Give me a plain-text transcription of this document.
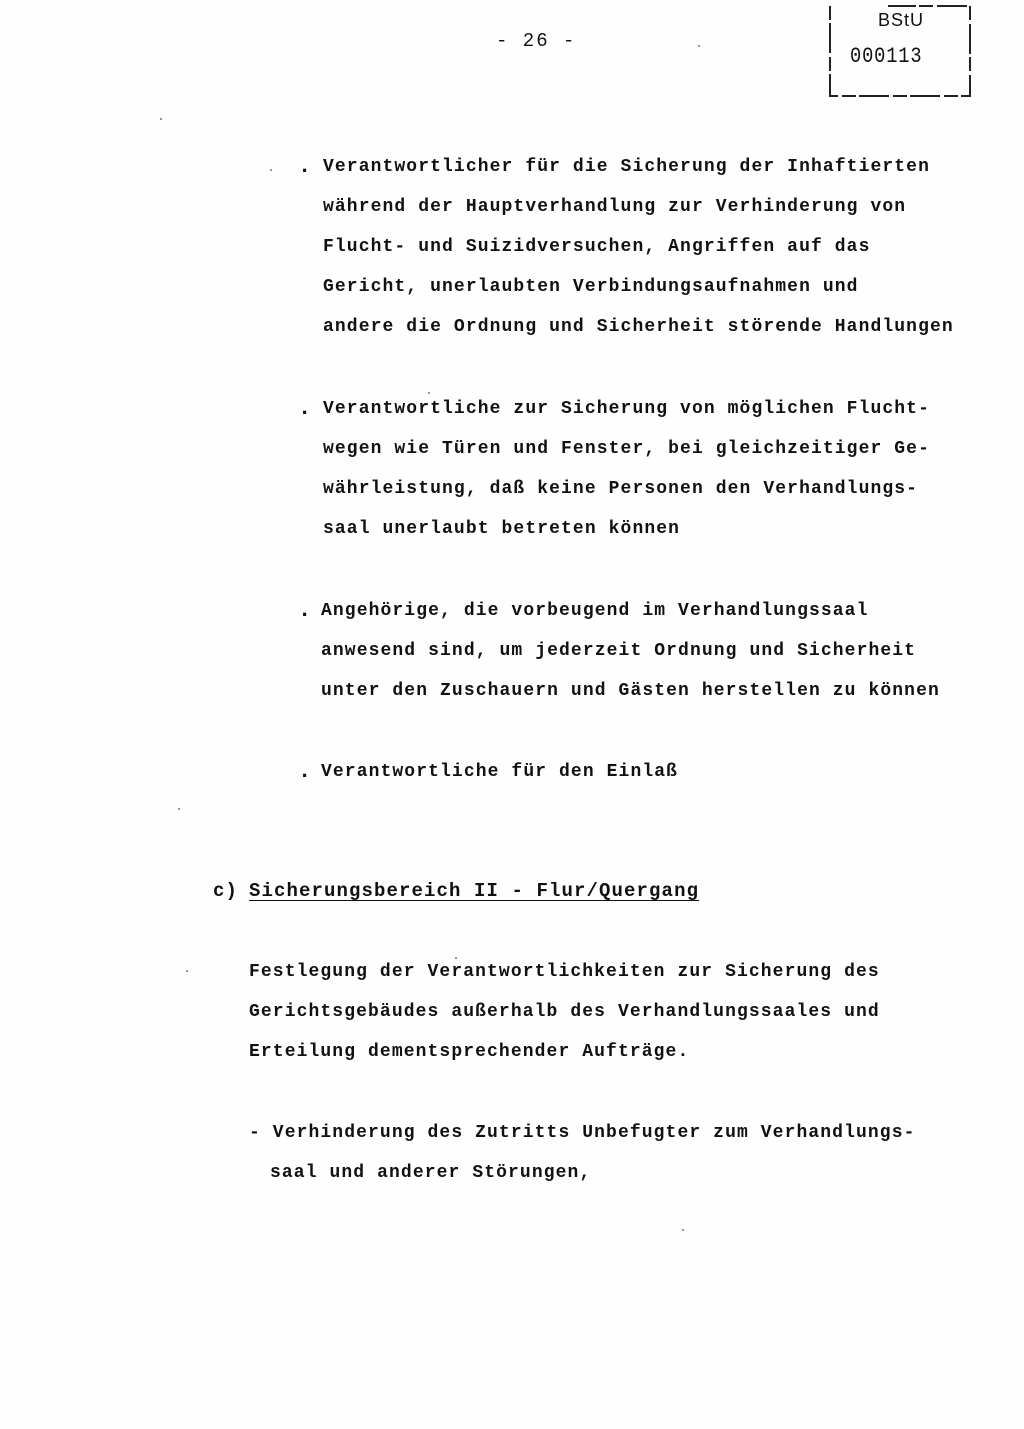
- 26 -
BStU
000113
. Verantwortlicher für die Sicherung der Inhaftierten
während der Hauptverhandlung zur Verhinderung von
Flucht- und Suizidversuchen, Angriffen auf das
Gericht, unerlaubten Verbindungsaufnahmen und
andere die Ordnung und Sicherheit störende Handlungen
. Verantwortliche zur Sicherung von möglichen Flucht-
wegen wie Türen und Fenster, bei gleichzeitiger Ge-
währleistung, daß keine Personen den Verhandlungs-
saal unerlaubt betreten können
. Angehörige, die vorbeugend im Verhandlungssaal
anwesend sind, um jederzeit Ordnung und Sicherheit
unter den Zuschauern und Gästen herstellen zu können
. Verantwortliche für den Einlaß
c) Sicherungsbereich II - Flur/Quergang
Festlegung der Verantwortlichkeiten zur Sicherung des
Gerichtsgebäudes außerhalb des Verhandlungssaales und
Erteilung dementsprechender Aufträge.
- Verhinderung des Zutritts Unbefugter zum Verhandlungs-
saal und anderer Störungen,
